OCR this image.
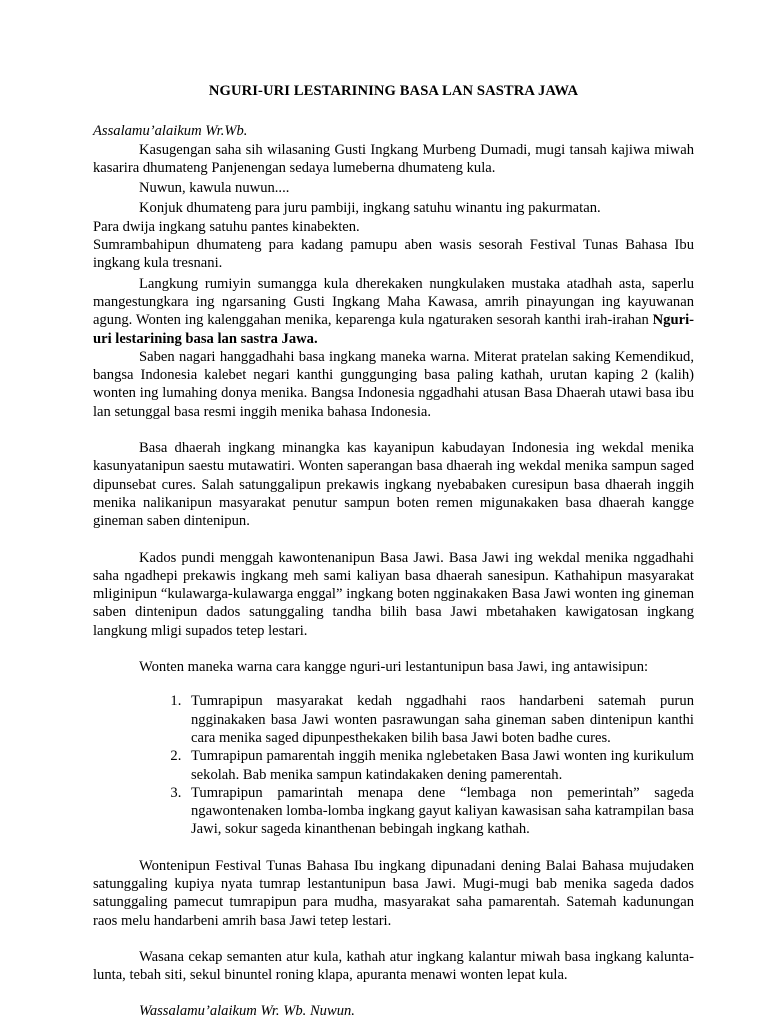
NGURI-URI LESTARINING BASA LAN SASTRA JAWA

Assalamu’alaikum Wr.Wb.

Kasugengan saha sih wilasaning Gusti Ingkang Murbeng Dumadi, mugi tansah kajiwa miwah kasarira dhumateng Panjenengan sedaya lumeberna dhumateng kula.

Nuwun, kawula nuwun....

Konjuk dhumateng para juru pambiji, ingkang satuhu winantu ing pakurmatan.

Para dwija ingkang satuhu pantes kinabekten.

Sumrambahipun dhumateng para kadang pamupu aben wasis sesorah Festival Tunas Bahasa Ibu ingkang kula tresnani.

Langkung rumiyin sumangga kula dherekaken nungkulaken mustaka atadhah asta, saperlu mangestungkara ing ngarsaning Gusti Ingkang Maha Kawasa, amrih pinayungan ing kayuwanan agung. Wonten ing kalenggahan menika, keparenga kula ngaturaken sesorah kanthi irah-irahan Nguri-uri lestarining basa lan sastra Jawa.

Saben nagari hanggadhahi basa ingkang maneka warna. Miterat pratelan saking Kemendikud, bangsa Indonesia kalebet negari kanthi gunggunging basa paling kathah, urutan kaping 2 (kalih) wonten ing lumahing donya menika. Bangsa Indonesia nggadhahi atusan Basa Dhaerah utawi basa ibu lan setunggal basa resmi inggih menika bahasa Indonesia.

Basa dhaerah ingkang minangka kas kayanipun kabudayan Indonesia ing wekdal menika kasunyatanipun saestu mutawatiri. Wonten saperangan basa dhaerah ing wekdal menika sampun saged dipunsebat cures. Salah satunggalipun prekawis ingkang nyebabaken curesipun basa dhaerah inggih menika nalikanipun masyarakat penutur sampun boten remen migunakaken basa dhaerah kangge gineman saben dintenipun.

Kados pundi menggah kawontenanipun Basa Jawi. Basa Jawi ing wekdal menika nggadhahi saha ngadhepi prekawis ingkang meh sami kaliyan basa dhaerah sanesipun. Kathahipun masyarakat mliginipun “kulawarga-kulawarga enggal” ingkang boten ngginakaken Basa Jawi wonten ing gineman saben dintenipun dados satunggaling tandha bilih basa Jawi mbetahaken kawigatosan ingkang langkung mligi supados tetep lestari.

Wonten maneka warna cara kangge nguri-uri lestantunipun basa Jawi, ing antawisipun:

1. Tumrapipun masyarakat kedah nggadhahi raos handarbeni satemah purun ngginakaken basa Jawi wonten pasrawungan saha gineman saben dintenipun kanthi cara menika saged dipunpesthekaken bilih basa Jawi boten badhe cures.
2. Tumrapipun pamarentah inggih menika nglebetaken Basa Jawi wonten ing kurikulum sekolah. Bab menika sampun katindakaken dening pamerentah.
3. Tumrapipun pamarintah menapa dene “lembaga non pemerintah” sageda ngawontenaken lomba-lomba ingkang gayut kaliyan kawasisan saha katrampilan basa Jawi, sokur sageda kinanthenan bebingah ingkang kathah.

Wontenipun Festival Tunas Bahasa Ibu ingkang dipunadani dening Balai Bahasa mujudaken satunggaling kupiya nyata tumrap lestantunipun basa Jawi. Mugi-mugi bab menika sageda dados satunggaling pamecut tumrapipun para mudha, masyarakat saha pamarentah. Satemah kadunungan raos melu handarbeni amrih basa Jawi tetep lestari.

Wasana cekap semanten atur kula, kathah atur ingkang kalantur miwah basa ingkang kalunta-lunta, tebah siti, sekul binuntel roning klapa, apuranta menawi wonten lepat kula.

Wassalamu’alaikum Wr. Wb. Nuwun.
